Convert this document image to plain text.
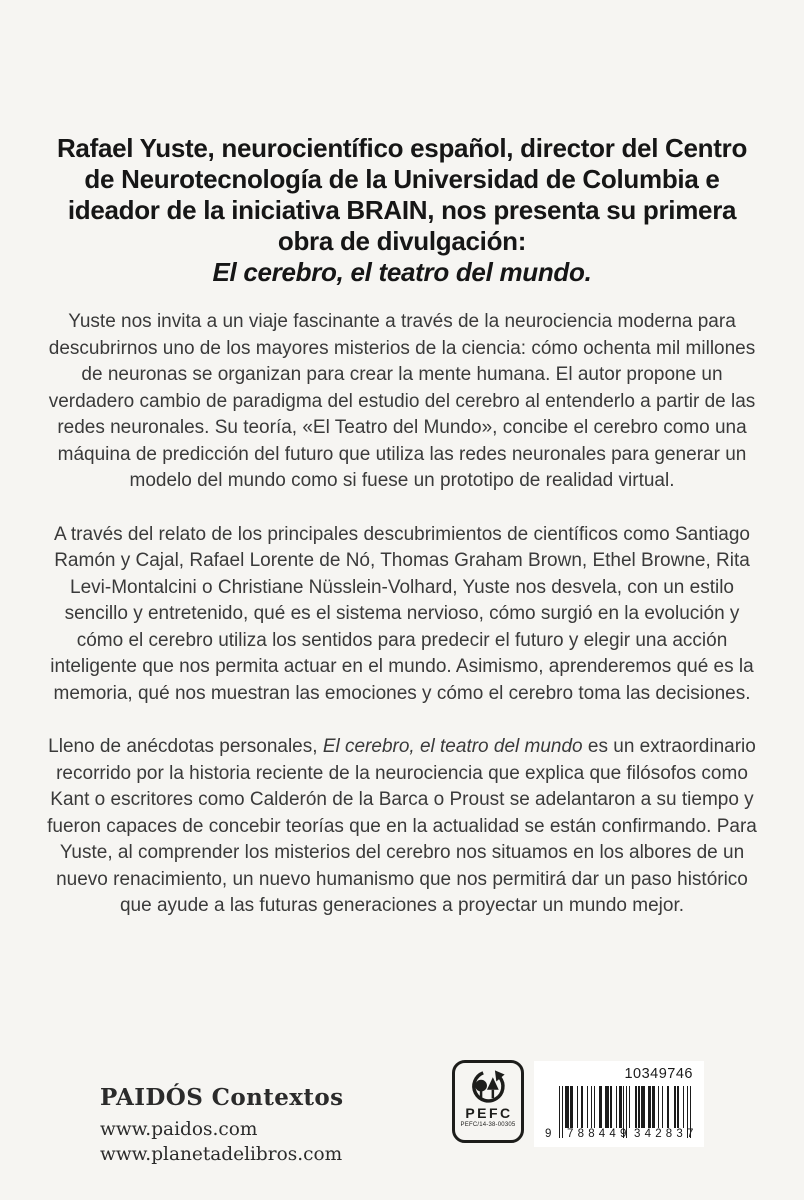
Rafael Yuste, neurocientífico español, director del Centro de Neurotecnología de la Universidad de Columbia e ideador de la iniciativa BRAIN, nos presenta su primera obra de divulgación:
El cerebro, el teatro del mundo.

Yuste nos invita a un viaje fascinante a través de la neurociencia moderna para descubrirnos uno de los mayores misterios de la ciencia: cómo ochenta mil millones de neuronas se organizan para crear la mente humana. El autor propone un verdadero cambio de paradigma del estudio del cerebro al entenderlo a partir de las redes neuronales. Su teoría, «El Teatro del Mundo», concibe el cerebro como una máquina de predicción del futuro que utiliza las redes neuronales para generar un modelo del mundo como si fuese un prototipo de realidad virtual.

A través del relato de los principales descubrimientos de científicos como Santiago Ramón y Cajal, Rafael Lorente de Nó, Thomas Graham Brown, Ethel Browne, Rita Levi-Montalcini o Christiane Nüsslein-Volhard, Yuste nos desvela, con un estilo sencillo y entretenido, qué es el sistema nervioso, cómo surgió en la evolución y cómo el cerebro utiliza los sentidos para predecir el futuro y elegir una acción inteligente que nos permita actuar en el mundo. Asimismo, aprenderemos qué es la memoria, qué nos muestran las emociones y cómo el cerebro toma las decisiones.

Lleno de anécdotas personales, El cerebro, el teatro del mundo es un extraordinario recorrido por la historia reciente de la neurociencia que explica que filósofos como Kant o escritores como Calderón de la Barca o Proust se adelantaron a su tiempo y fueron capaces de concebir teorías que en la actualidad se están confirmando. Para Yuste, al comprender los misterios del cerebro nos situamos en los albores de un nuevo renacimiento, un nuevo humanismo que nos permitirá dar un paso histórico que ayude a las futuras generaciones a proyectar un mundo mejor.

PAIDÓS Contextos
www.paidos.com
www.planetadelibros.com
PEFC
PEFC/14-38-00305
10349746
9 788449 342837
